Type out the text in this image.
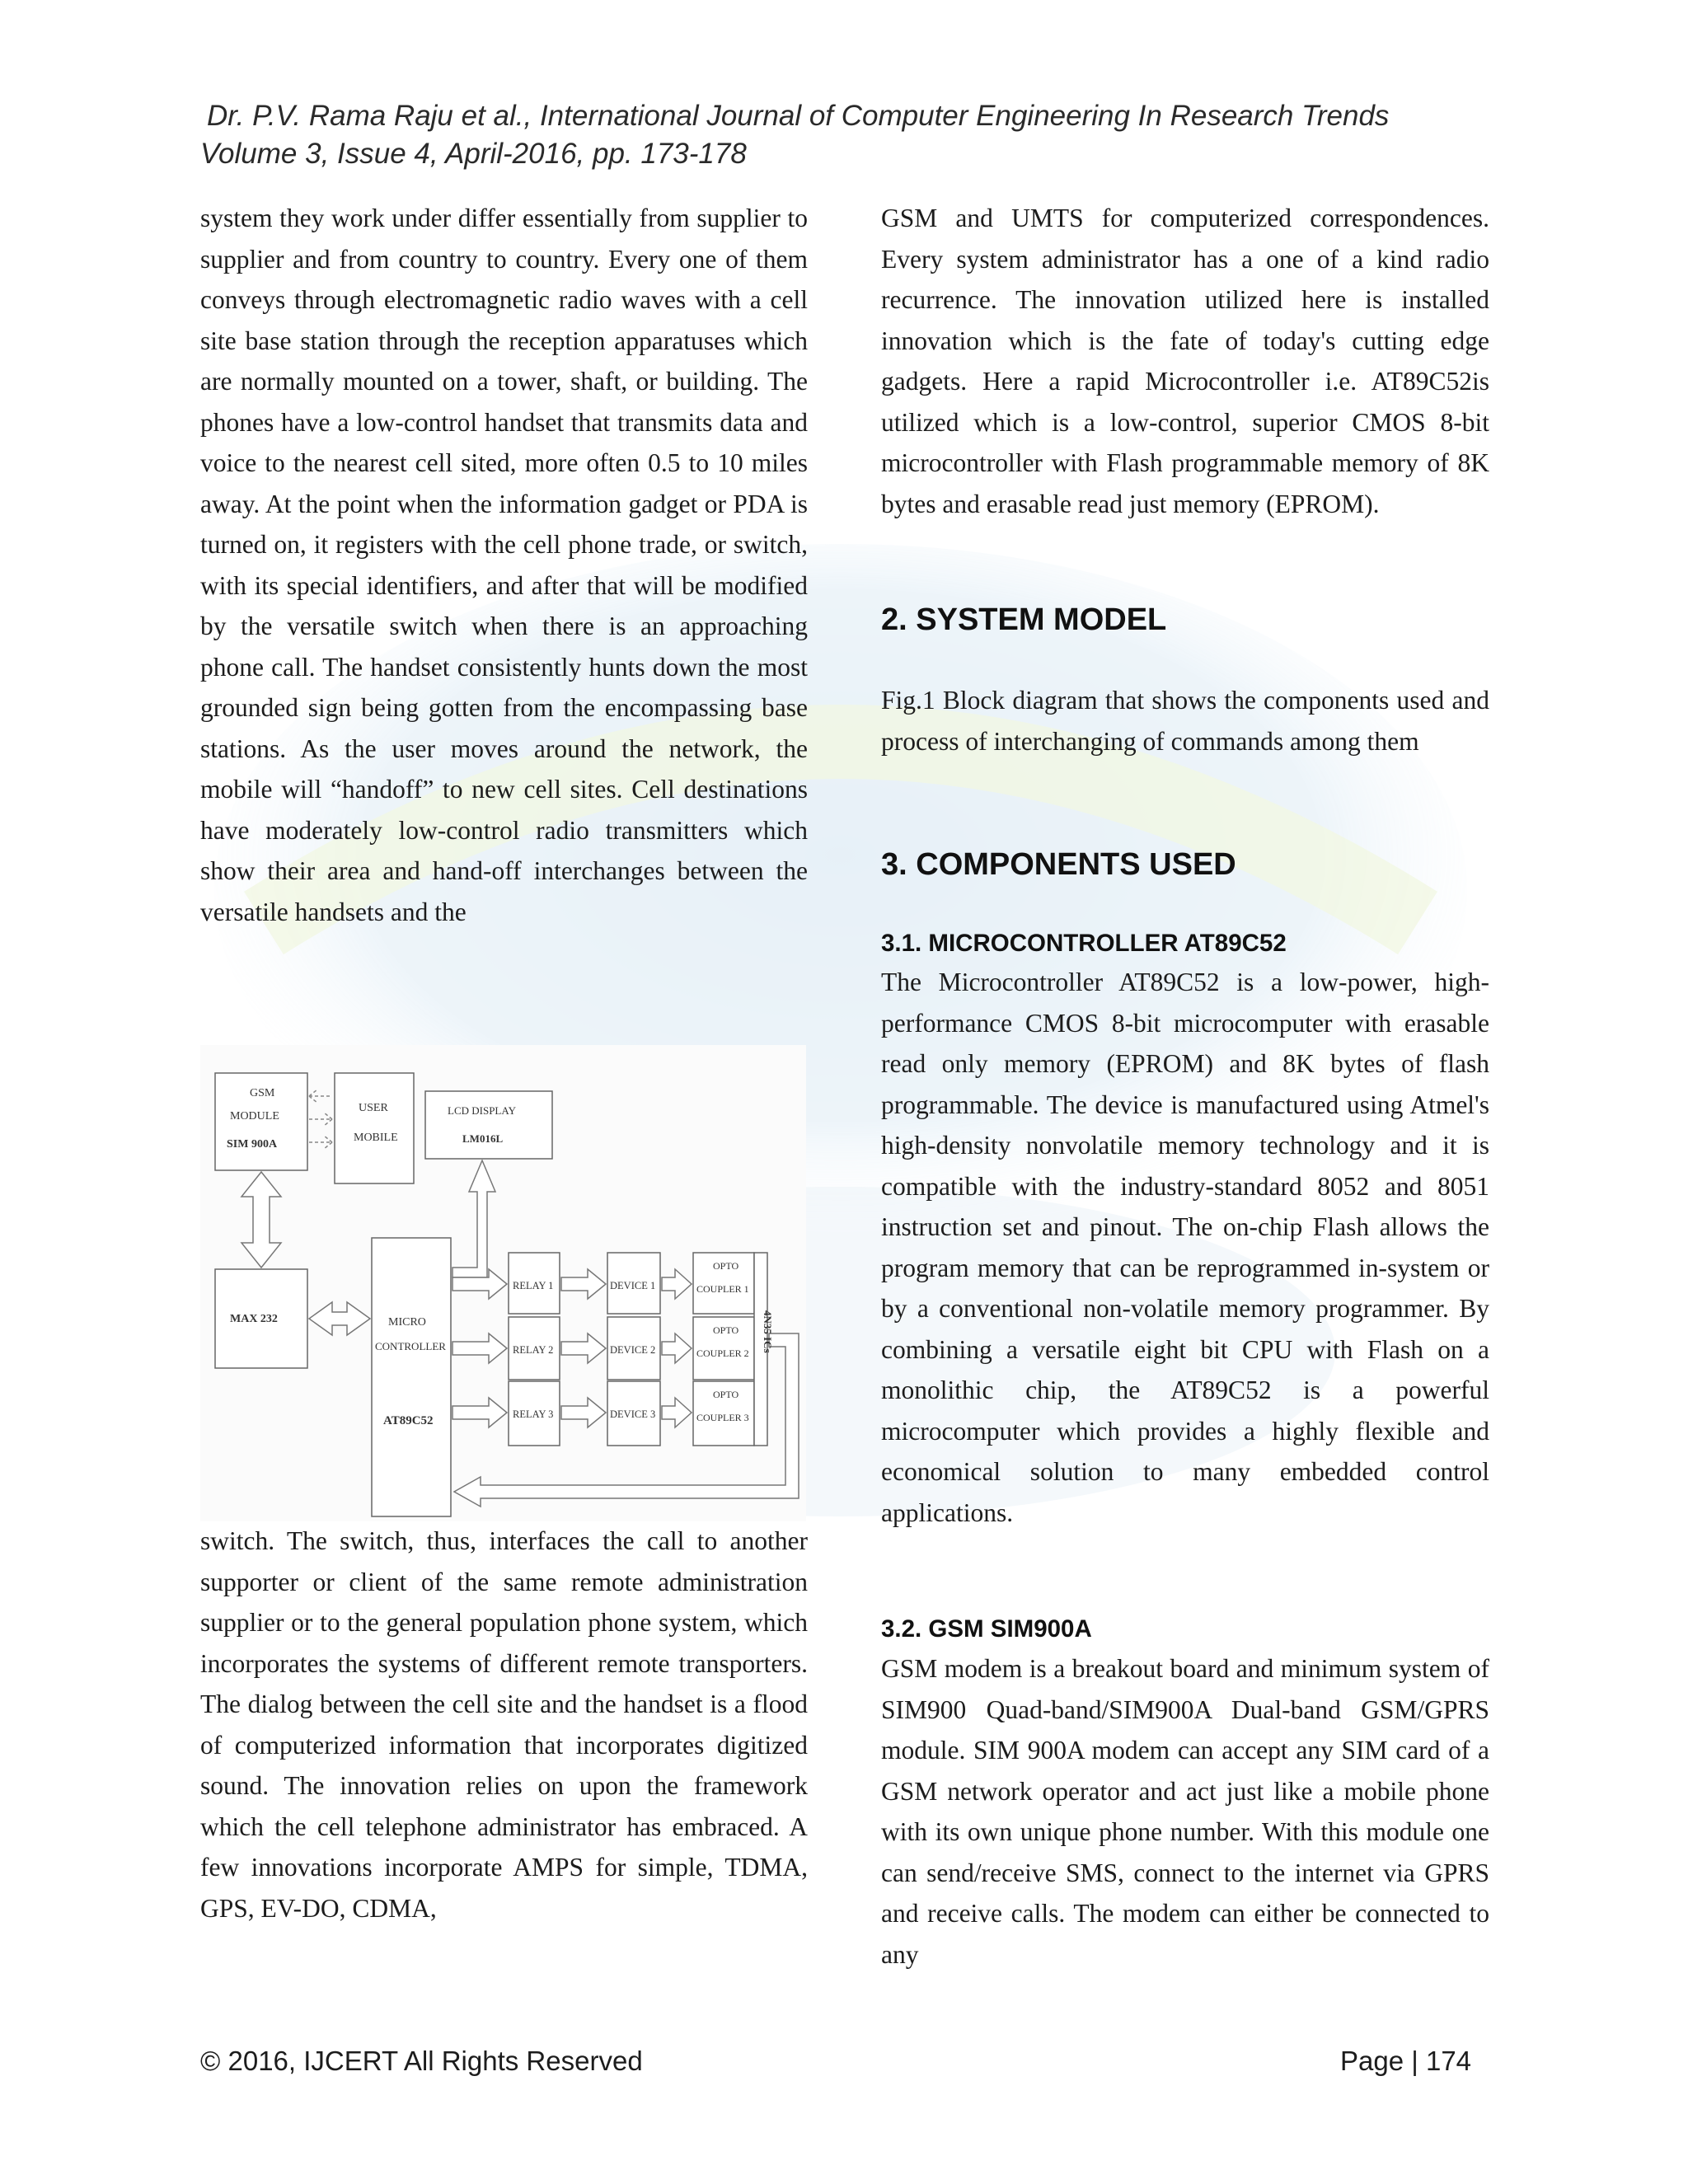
Dr. P.V. Rama Raju et al., International Journal of Computer Engineering In Research Trends
Volume 3, Issue 4, April-2016, pp. 173-178

system they work under differ essentially from supplier to supplier and from country to country. Every one of them conveys through electromagnetic radio waves with a cell site base station through the reception apparatuses which are normally mounted on a tower, shaft, or building. The phones have a low-control handset that transmits data and voice to the nearest cell sited, more often 0.5 to 10 miles away. At the point when the information gadget or PDA is turned on, it registers with the cell phone trade, or switch, with its special identifiers, and after that will be modified by the versatile switch when there is an approaching phone call. The handset consistently hunts down the most grounded sign being gotten from the encompassing base stations. As the user moves around the network, the mobile will “handoff” to new cell sites. Cell destinations have moderately low-control radio transmitters which show their area and hand-off interchanges between the versatile handsets and the

GSM
MODULE
SIM 900A
USER
MOBILE
LCD DISPLAY
LM016L
MAX 232	MICRO
CONTROLLER
AT89C52
RELAY 1
RELAY 2
RELAY 3
DEVICE 1
DEVICE 2
DEVICE 3
OPTO
COUPLER 1
OPTO
COUPLER 2
OPTO
COUPLER 3
4N35 ICs

switch. The switch, thus, interfaces the call to another supporter or client of the same remote administration supplier or to the general population phone system, which incorporates the systems of different remote transporters. The dialog between the cell site and the handset is a flood of computerized information that incorporates digitized sound. The innovation relies on upon the framework which the cell telephone administrator has embraced. A few innovations incorporate AMPS for simple, TDMA, GPS, EV-DO, CDMA,

GSM and UMTS for computerized correspondences. Every system administrator has a one of a kind radio recurrence. The innovation utilized here is installed innovation which is the fate of today's cutting edge gadgets. Here a rapid Microcontroller i.e. AT89C52is utilized which is a low-control, superior CMOS 8-bit microcontroller with Flash programmable memory of 8K bytes and erasable read just memory (EPROM).

2. SYSTEM MODEL

Fig.1 Block diagram that shows the components used and process of interchanging of commands among them

3. COMPONENTS USED
3.1. MICROCONTROLLER AT89C52

The Microcontroller AT89C52 is a low-power, high-performance CMOS 8-bit microcomputer with erasable read only memory (EPROM) and 8K bytes of flash programmable. The device is manufactured using Atmel's high-density nonvolatile memory technology and it is compatible with the industry-standard 8052 and 8051 instruction set and pinout. The on-chip Flash allows the program memory that can be reprogrammed in-system or by a conventional non-volatile memory programmer. By combining a versatile eight bit CPU with Flash on a monolithic chip, the AT89C52 is a powerful microcomputer which provides a highly flexible and economical solution to many embedded control applications.

3.2. GSM SIM900A

GSM modem is a breakout board and minimum system of SIM900 Quad-band/SIM900A Dual-band GSM/GPRS module. SIM 900A modem can accept any SIM card of a GSM network operator and act just like a mobile phone with its own unique phone number. With this module one can send/receive SMS, connect to the internet via GPRS and receive calls. The modem can either be connected to any

© 2016, IJCERT All Rights Reserved	Page | 174
